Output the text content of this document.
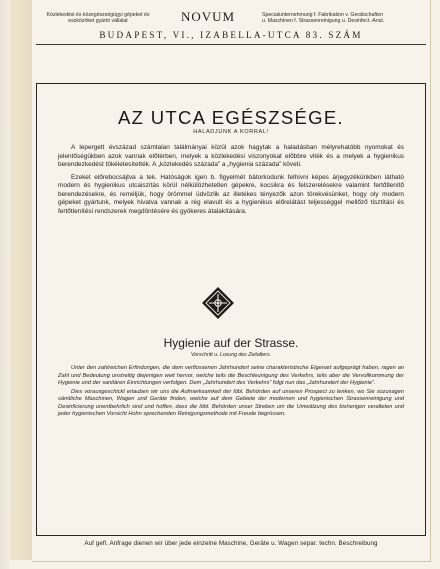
Közlekedési és közegészségügyi gépeket és
eszközöket gyártó vállalat	NOVUM	Specialunternehmung f. Fabrikation v. Gerätschaften
u. Maschinen f. Strassenreinigung u. Desinfect.-Anst.
BUDAPEST, VI., IZABELLA-UTCA 83. SZÁM
AZ UTCA EGÉSZSÉGE.
HALADJUNK A KORRAL!

A lepergett évszázad számtalan találmányai közül azok hagytak a haladásban mélyrehatóbb nyomokat és jelentőségükben azok vannak előtérben, melyek a közlekedési viszonyokat előbbre viték és a melyek a hygienikus berendezkedést tökéletesítették. A „közlekedés százada” a „hygienia százada” követi.

Ezeket előrebocsájtva a tek. Hatóságok igen b. figyelmét bátorkodunk felhívni képes árjegyzékünkben látható modern és hygienikus utcaiszítás körül nélkülözhetetlen gépekre, kocsikra és felszerelésekre valamint fertőtlenítő berendezésekre, és reméljük, hogy örömmel üdvözlik az illetékes tényezők azon törekvésünket, hogy oly modern gépeket gyártunk, melyek hivatva vannak a rég elavult és a hygienikus előrelátást teljességgel mellőző tisztítási és fertőtlenítési rendszerek megdöntésére és gyökeres átalakítására.

Hygienie auf der Strasse.
Vorschritt u. Losung des Zeitalters.

Unter den zahlreichen Erfindungen, die dem verflossenen Jahrhundert seine charakteristische Eigenart aufgeprägt haben, ragen an Zahl und Bedeutung unstreitig diejenigen weit hervor, welche teils die Beschleunigung des Verkehrs, teils aber die Vervollkommung der Hygienie und der sanitären Einrichtungen verfolgen. Dem „Jahrhundert des Verkehrs” folgt nun das „Jahrhundert der Hygienie”.

Dies vorausgeschickt erlauben wir uns die Aufmerksamkeit der löbl. Behörden auf unseren Prospect zu lenken, wo Sie sozusagen sämtliche Maschinen, Wagen und Geräte finden, welche auf dem Gebiete der modernen und hygienischen Strassenreinigung und Desinficierung unentbehrlich sind und hoffen, dass die löbl. Behörden unser Streben um die Umwälzung des bisherigen veralteten und jeder hygienischen Vorsicht Hohn sprechenden Reinigungsmethode mit Freude begrüssen.

Auf gefl. Anfrage dienen wir über jede einzelne Maschine, Geräte u. Wagen separ. techn. Beschreibung
